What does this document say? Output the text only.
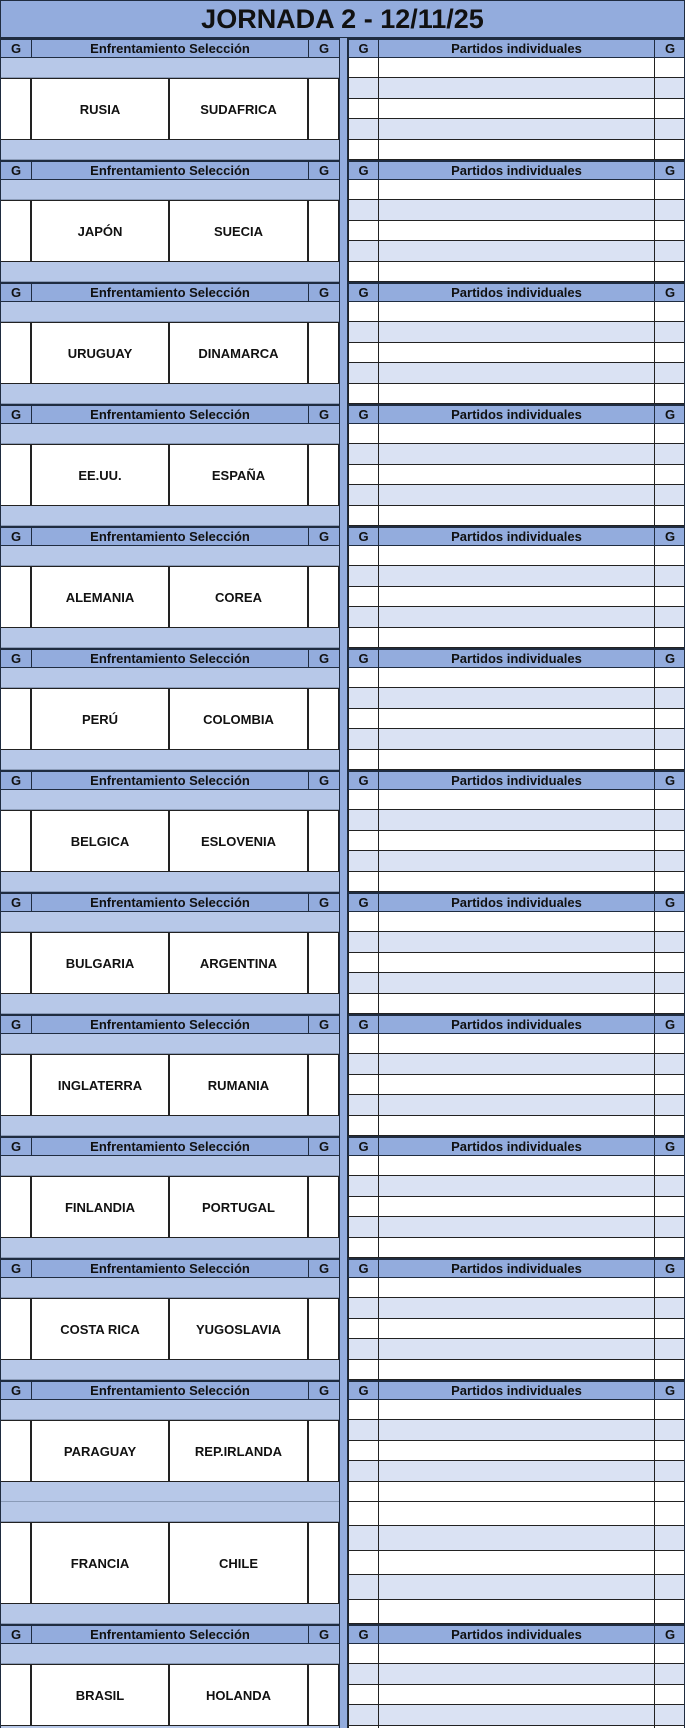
JORNADA 2 - 12/11/25
G	Enfrentamiento Selección	G	G	Partidos individuales	G
RUSIA	SUDAFRICA
G	Enfrentamiento Selección	G	G	Partidos individuales	G
JAPÓN	SUECIA
G	Enfrentamiento Selección	G	G	Partidos individuales	G
URUGUAY	DINAMARCA
G	Enfrentamiento Selección	G	G	Partidos individuales	G
EE.UU.	ESPAÑA
G	Enfrentamiento Selección	G	G	Partidos individuales	G
ALEMANIA	COREA
G	Enfrentamiento Selección	G	G	Partidos individuales	G
PERÚ	COLOMBIA
G	Enfrentamiento Selección	G	G	Partidos individuales	G
BELGICA	ESLOVENIA
G	Enfrentamiento Selección	G	G	Partidos individuales	G
BULGARIA	ARGENTINA
G	Enfrentamiento Selección	G	G	Partidos individuales	G
INGLATERRA	RUMANIA
G	Enfrentamiento Selección	G	G	Partidos individuales	G
FINLANDIA	PORTUGAL
G	Enfrentamiento Selección	G	G	Partidos individuales	G
COSTA RICA	YUGOSLAVIA
G	Enfrentamiento Selección	G	G	Partidos individuales	G
PARAGUAY	REP.IRLANDA
FRANCIA	CHILE
G	Enfrentamiento Selección	G	G	Partidos individuales	G
BRASIL	HOLANDA
